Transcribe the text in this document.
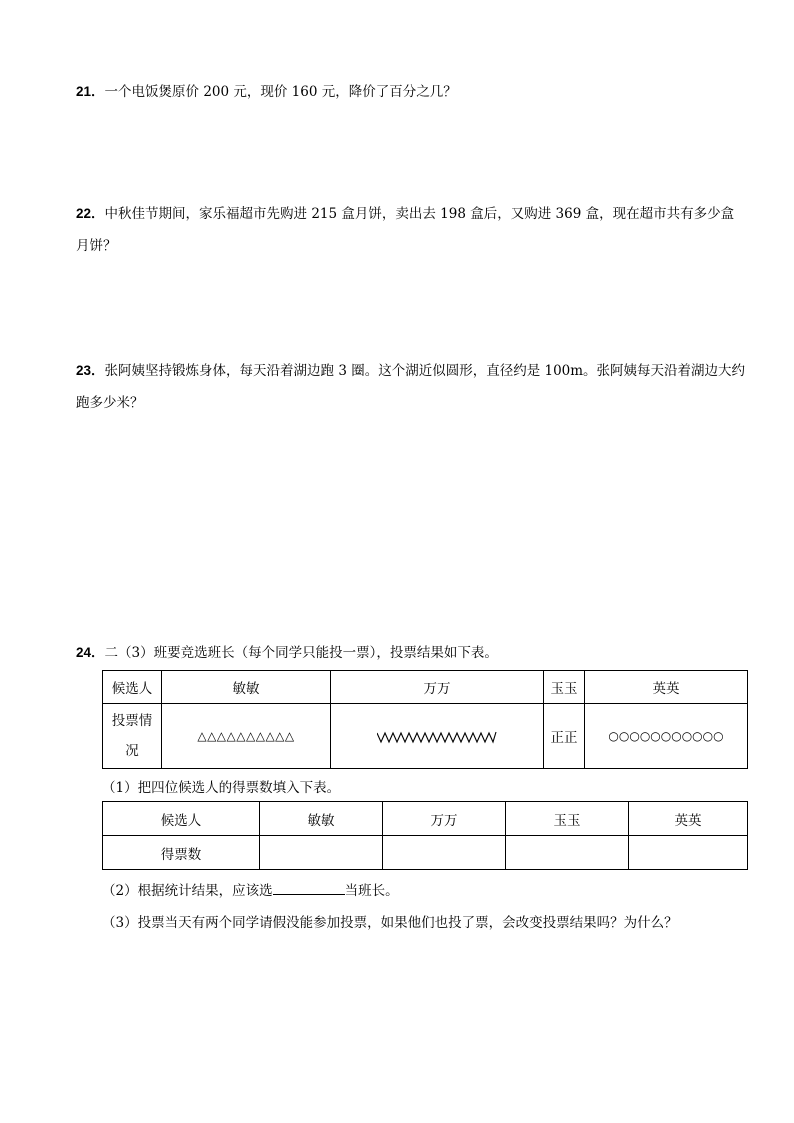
21．一个电饭煲原价 200 元，现价 160 元，降价了百分之几？
22．中秋佳节期间，家乐福超市先购进 215 盒月饼，卖出去 198 盒后，又购进 369 盒，现在超市共有多少盒月饼？
23．张阿姨坚持锻炼身体，每天沿着湖边跑 3 圈。这个湖近似圆形，直径约是 100m。张阿姨每天沿着湖边大约跑多少米？
24．二（3）班要竞选班长（每个同学只能投一票），投票结果如下表。
候选人	敏敏	万万	玉玉	英英
投票情况	△△△△△△△△△△		正正	○○○○○○○○○○○
（1）把四位候选人的得票数填入下表。
候选人	敏敏	万万	玉玉	英英
得票数				
（2）根据统计结果，应该选	当班长。
（3）投票当天有两个同学请假没能参加投票，如果他们也投了票，会改变投票结果吗？为什么？
